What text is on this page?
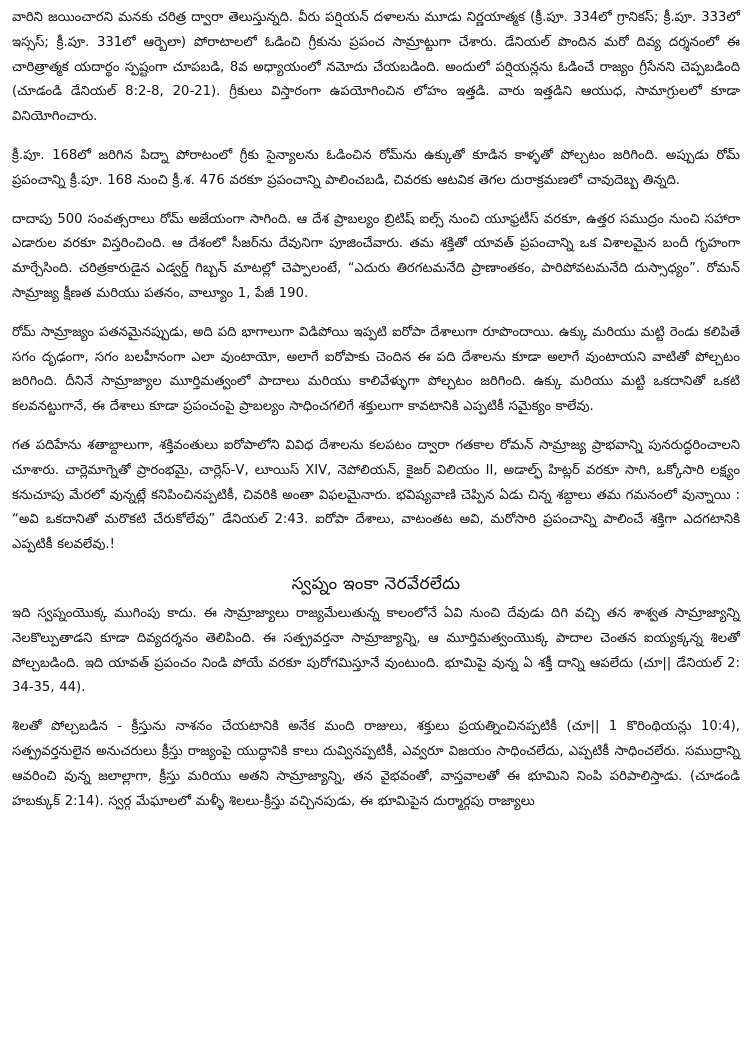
వారిని జయించారని మనకు చరిత్ర ద్వారా తెలుస్తున్నది. వీరు పర్షియన్ దళాలను మూడు నిర్ణయాత్మక (క్రీ.పూ. 334లో గ్రానికస్; క్రీ.పూ. 333లో ఇస్సస్; క్రీ.పూ. 331లో ఆర్బెలా) పోరాటాలలో ఓడించి గ్రీకును ప్రపంచ సామ్రాట్టుగా చేశారు. డేనియల్ పొందిన మరో దివ్య దర్శనంలో ఈ చారిత్రాత్మక యదార్థం స్పష్టంగా చూపబడి, 8వ అధ్యాయంలో నమోదు చేయబడింది. అందులో పర్షియన్లను ఓడించే రాజ్యం గ్రీసేనని చెప్పబడింది (చూడండి డేనియల్ 8:2-8, 20-21). గ్రీకులు విస్తారంగా ఉపయోగించిన లోహం ఇత్తడి. వారు ఇత్తడిని ఆయుధ, సామాగ్రులలో కూడా వినియోగించారు.

క్రీ.పూ. 168లో జరిగిన పిద్నా పోరాటంలో గ్రీకు సైన్యాలను ఓడించిన రోమ్‌ను ఉక్కుతో కూడిన కాళ్ళతో పోల్చటం జరిగింది. అప్పుడు రోమ్ ప్రపంచాన్ని క్రీ.పూ. 168 నుంచి క్రీ.శ. 476 వరకూ ప్రపంచాన్ని పాలించబడి, చివరకు ఆటవిక తెగల దురాక్రమణలో చావుదెబ్బ తిన్నది.

దాదాపు 500 సంవత్సరాలు రోమ్ అజేయంగా సాగింది. ఆ దేశ ప్రాబల్యం బ్రిటిష్ ఐల్స్ నుంచి యూఫ్రటీస్ వరకూ, ఉత్తర సముద్రం నుంచి సహారా ఎడారుల వరకూ విస్తరించింది. ఆ దేశంలో సీజర్‌ను దేవునిగా పూజించేవారు. తమ శక్తితో యావత్ ప్రపంచాన్ని ఒక విశాలమైన బందీ గృహంగా మార్చేసింది. చరిత్రకారుడైన ఎడ్వర్డ్ గిబ్బన్ మాటల్లో చెప్పాలంటే, “ఎదురు తిరగటమనేది ప్రాణాంతకం, పారిపోవటమనేది దుస్సాధ్యం”. రోమన్ సామ్రాజ్య క్షీణత మరియు పతనం, వాల్యూం 1, పేజీ 190.

రోమ్ సామ్రాజ్యం పతనమైనప్పుడు, అది పది భాగాలుగా విడిపోయి ఇప్పటి ఐరోపా దేశాలుగా రూపొందాయి. ఉక్కు మరియు మట్టి రెండు కలిపితే సగం దృఢంగా, సగం బలహీనంగా ఎలా వుంటాయో, అలాగే ఐరోపాకు చెందిన ఈ పది దేశాలను కూడా అలాగే వుంటాయని వాటితో పోల్చటం జరిగింది. దీనినే సామ్రాజ్యాల మూర్తిమత్వంలో పాదాలు మరియు కాలివేళ్ళుగా పోల్చటం జరిగింది. ఉక్కు మరియు మట్టి ఒకదానితో ఒకటి కలవనట్టుగానే, ఈ దేశాలు కూడా ప్రపంచంపై ప్రాబల్యం సాధించగలిగే శక్తులుగా కావటానికి ఎప్పటికీ సమైక్యం కాలేవు.

గత పదిహేను శతాబ్దాలుగా, శక్తివంతులు ఐరోపాలోని వివిధ దేశాలను కలపటం ద్వారా గతకాల రోమన్ సామ్రాజ్య ప్రాభవాన్ని పునరుద్ధరించాలని చూశారు. చార్లెమాగ్నెతో ప్రారంభమై, చార్లెస్-V, లూయిస్ XIV, నెపోలియన్, కైజర్ విలియం II, అడాల్ఫ్ హిట్లర్ వరకూ సాగి, ఒక్కోసారి లక్ష్యం కనుచూపు మేరలో వున్నట్లే కనిపించినప్పటికీ, చివరికి అంతా విఫలమైనారు. భవిష్యవాణి చెప్పిన ఏడు చిన్న శబ్దాలు తమ గమనంలో వున్నాయి : “అవి ఒకదానితో మరొకటి చేరుకోలేవు” డేనియల్ 2:43. ఐరోపా దేశాలు, వాటంతట అవి, మరోసారి ప్రపంచాన్ని పాలించే శక్తిగా ఎదగటానికి ఎప్పటికీ కలవలేవు.!

స్వప్నం ఇంకా నెరవేరలేదు

ఇది స్వప్నంయొక్క ముగింపు కాదు. ఈ సామ్రాజ్యాలు రాజ్యమేలుతున్న కాలంలోనే ఏవి నుంచి దేవుడు దిగి వచ్చి తన శాశ్వత సామ్రాజ్యాన్ని నెలకొల్పుతాడని కూడా దివ్యదర్శనం తెలిపింది. ఈ సత్ప్రవర్తనా సామ్రాజ్యాన్ని, ఆ మూర్తిమత్వంయొక్క పాదాల చెంతన ఐయ్యక్కన్న శిలతో పోల్చబడింది. ఇది యావత్ ప్రపంచం నిండి పోయే వరకూ పురోగమిస్తూనే వుంటుంది. భూమిపై వున్న ఏ శక్తీ దాన్ని ఆపలేదు (చూ|| డేనియల్ 2: 34-35, 44).

శిలతో పోల్చబడిన - క్రీస్తును నాశనం చేయటానికి అనేక మంది రాజులు, శక్తులు ప్రయత్నించినప్పటికీ (చూ|| 1 కొరింథియన్లు 10:4), సత్ప్రవర్తనులైన అనుచరులు క్రీస్తు రాజ్యంపై యుద్ధానికి కాలు దువ్వినప్పటికీ, ఎవ్వరూ విజయం సాధించలేదు, ఎప్పటికీ సాధించలేరు. సముద్రాన్ని ఆవరించి వున్న జలాల్లాగా, క్రీస్తు మరియు అతని సామ్రాజ్యాన్ని, తన వైభవంతో, వాస్తవాలతో ఈ భూమిని నింపి పరిపాలిస్తాడు. (చూడండి హబక్కుక్ 2:14). స్వర్గ మేఘాలలో మళ్ళీ శిలలు-క్రీస్తు వచ్చినపుడు, ఈ భూమిపైన దుర్మార్గపు రాజ్యాలు
